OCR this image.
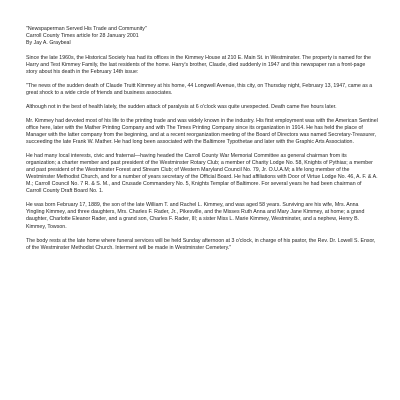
"Newspaperman Served His Trade and Community"
Carroll County Times article for 28 January 2001
By Jay A. Graybeal

Since the late 1960s, the Historical Society has had its offices in the Kimmey House at 210 E. Main St. in Westminster. The property is named for the Harry and Test Kimmey Family, the last residents of the home. Harry's brother, Claude, died suddenly in 1947 and this newspaper ran a front-page story about his death in the February 14th issue:

"The news of the sudden death of Claude Truitt Kimmey at his home, 44 Longwell Avenue, this city, on Thursday night, February 13, 1947, came as a great shock to a wide circle of friends and business associates.

Although not in the best of health lately, the sudden attack of paralysis at 6 o'clock was quite unexpected. Death came five hours later.

Mr. Kimmey had devoted most of his life to the printing trade and was widely known in the industry. His first employment was with the American Sentinel office here, later with the Mather Printing Company and with The Times Printing Company since its organization in 1914. He has held the place of Manager with the latter company from the beginning, and at a recent reorganization meeting of the Board of Directors was named Secretary-Treasurer, succeeding the late Frank W. Mather. He had long been associated with the Baltimore Typothetae and later with the Graphic Arts Association.

He had many local interests, civic and fraternal—having headed the Carroll County War Memorial Committee as general chairman from its organization; a charter member and past president of the Westminster Rotary Club; a member of Charity Lodge No. 58, Knights of Pythias; a member and past president of the Westminster Forest and Stream Club; of Western Maryland Council No. 79, Jr. O.U.A.M; a life long member of the Westminster Methodist Church, and for a number of years secretary of the Official Board. He had affiliations with Door of Virtue Lodge No. 46, A. F. & A. M.; Carroll Council No. 7 R. & S. M., and Crusade Commandery No. 5, Knights Templar of Baltimore. For several years he had been chairman of Carroll County Draft Board No. 1.

He was born February 17, 1889, the son of the late William T. and Rachel L. Kimmey, and was aged 58 years. Surviving are his wife, Mrs. Anna Yingling Kimmey, and three daughters, Mrs. Charles F. Rader, Jr., Pikesville, and the Misses Ruth Anna and Mary Jane Kimmey, at home; a grand daughter, Charlotte Eleanor Rader, and a grand son, Charles F. Rader, III; a sister Miss L. Marie Kimmey, Westminster, and a nephew, Henry B. Kimmey, Towson.

The body rests at the late home where funeral services will be held Sunday afternoon at 3 o'clock, in charge of his pastor, the Rev. Dr. Lowell S. Ensor, of the Westminster Methodist Church. Interment will be made in Westminster Cemetery."
